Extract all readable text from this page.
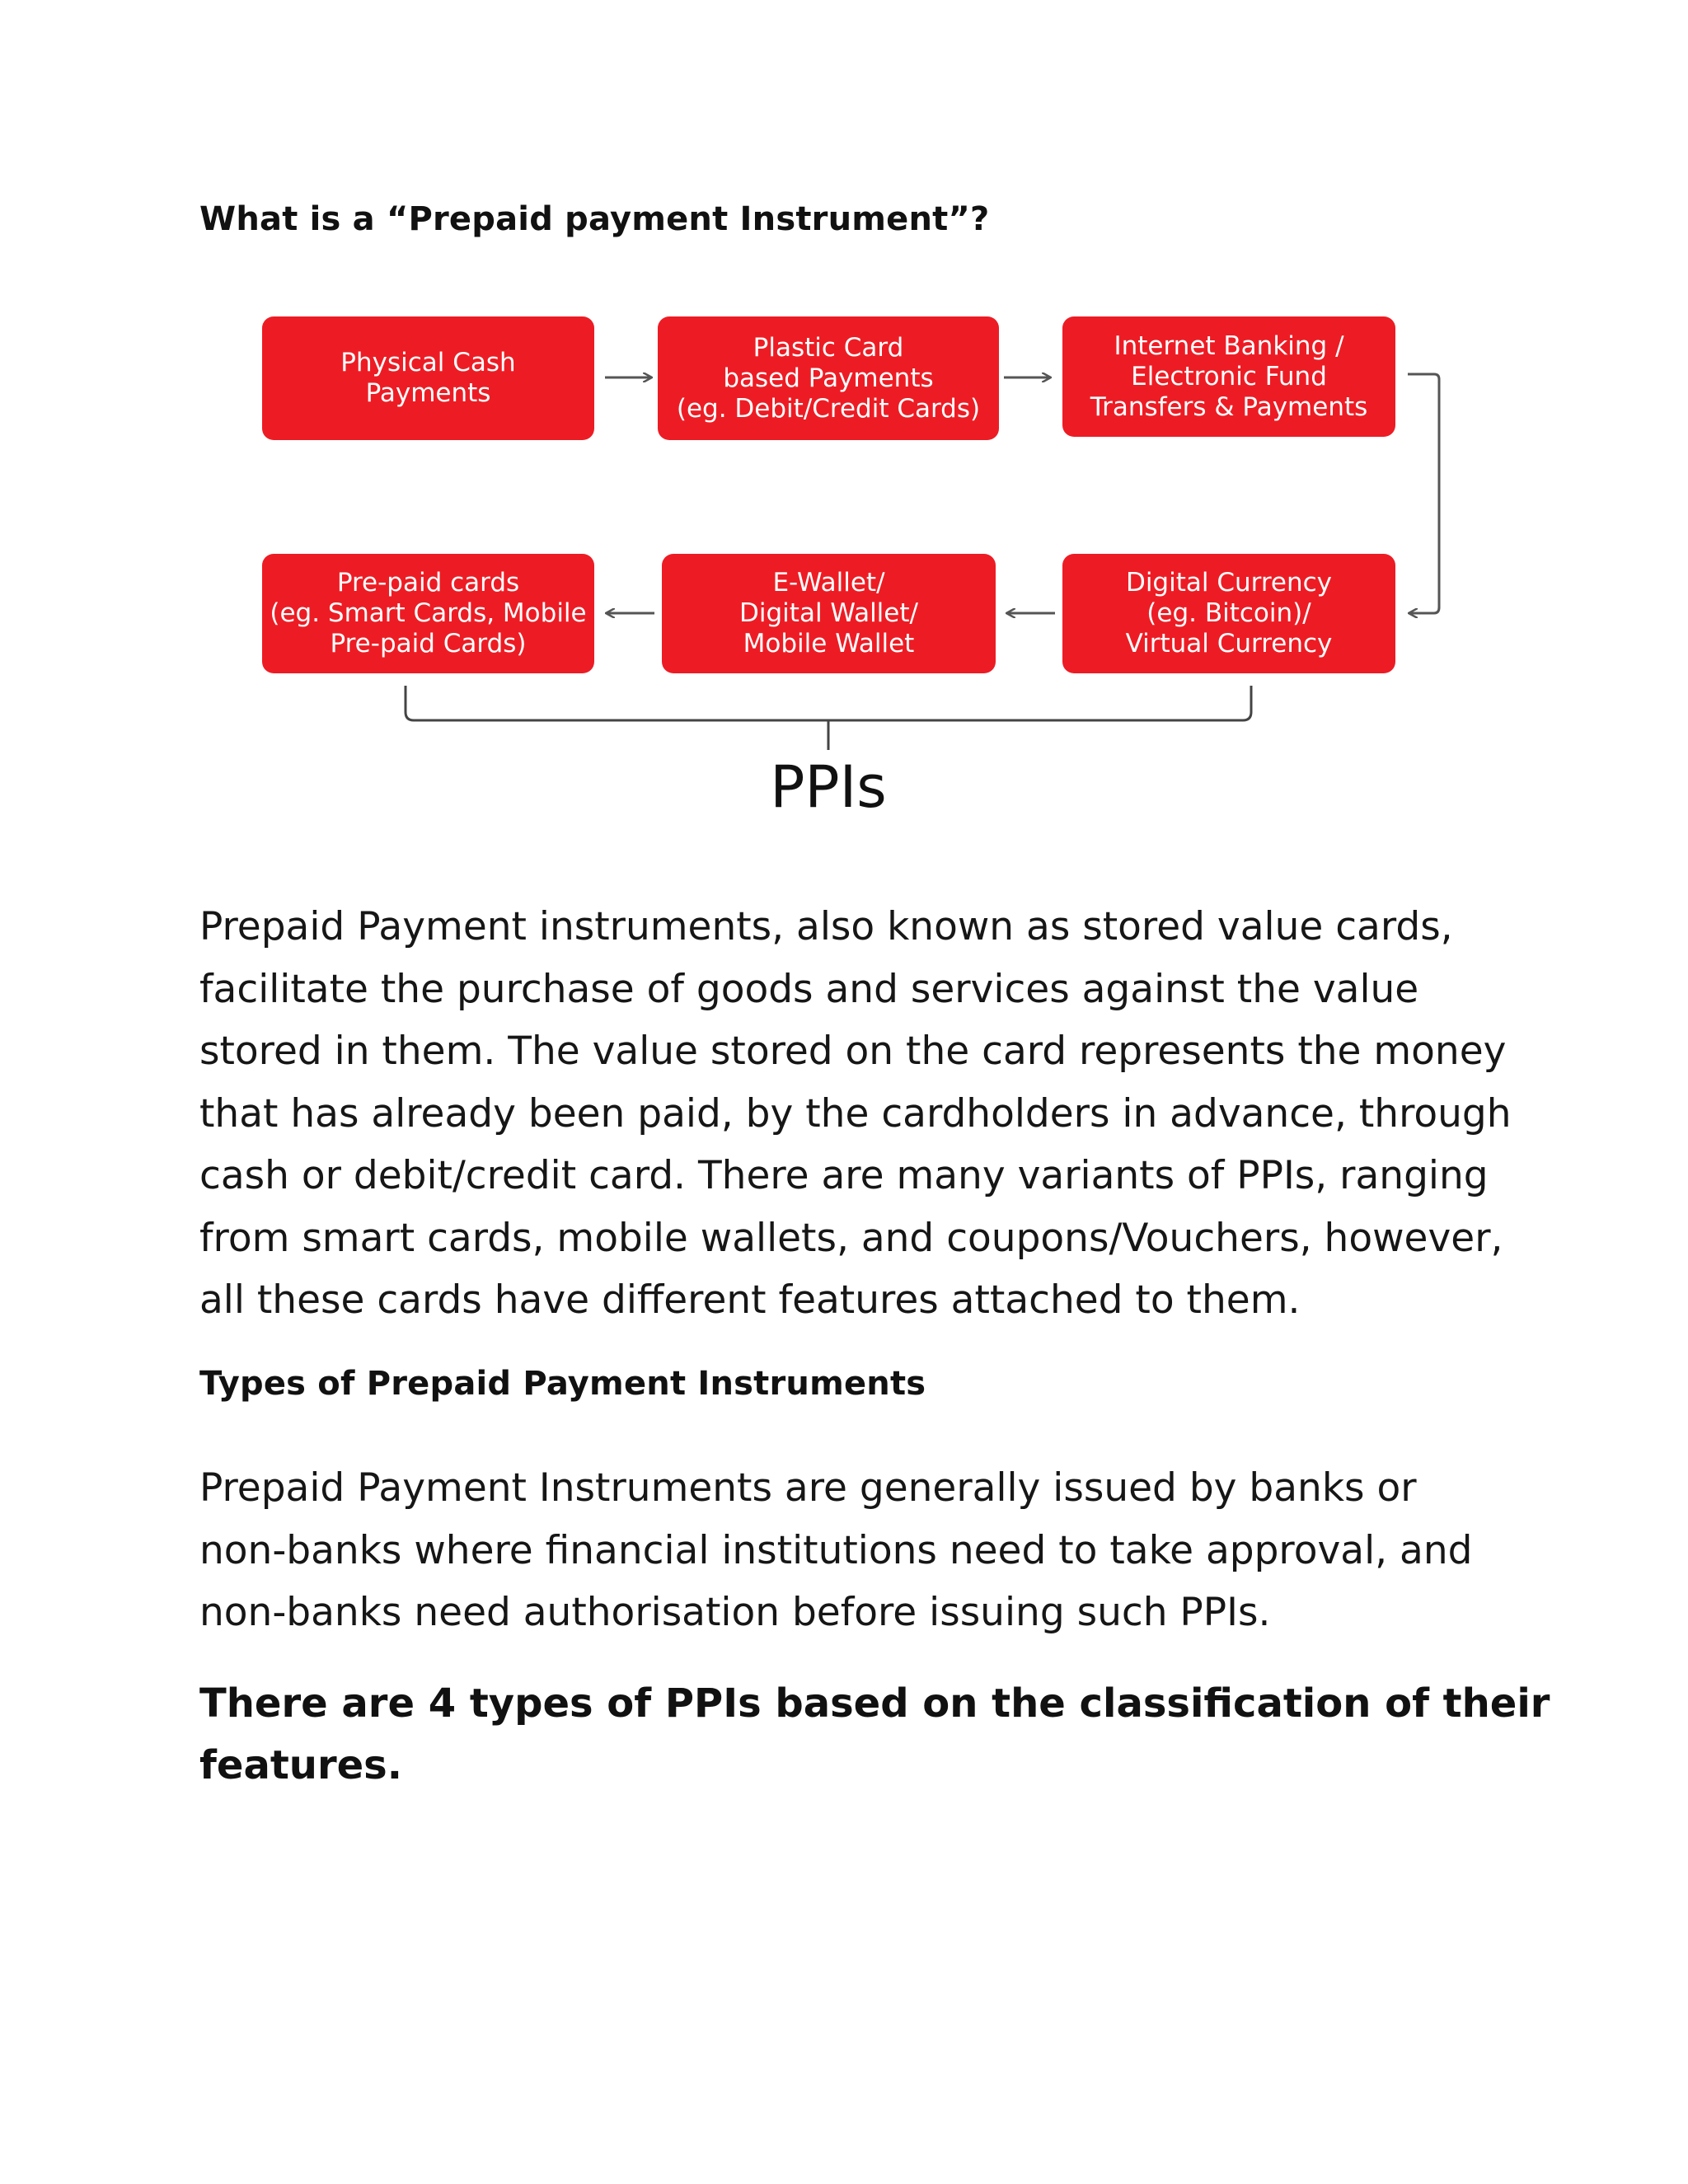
What is a “Prepaid payment Instrument”?
Physical Cash
Payments
Plastic Card
based Payments
(eg. Debit/Credit Cards)
Internet Banking /
Electronic Fund
Transfers & Payments
Digital Currency
(eg. Bitcoin)/
Virtual Currency
E-Wallet/
Digital Wallet/
Mobile Wallet
Pre-paid cards
(eg. Smart Cards, Mobile
Pre-paid Cards)
PPIs

Prepaid Payment instruments, also known as stored value cards,
facilitate the purchase of goods and services against the value
stored in them. The value stored on the card represents the money
that has already been paid, by the cardholders in advance, through
cash or debit/credit card. There are many variants of PPIs, ranging
from smart cards, mobile wallets, and coupons/Vouchers, however,
all these cards have different features attached to them.

Types of Prepaid Payment Instruments

Prepaid Payment Instruments are generally issued by banks or
non-banks where financial institutions need to take approval, and
non-banks need authorisation before issuing such PPIs.

There are 4 types of PPIs based on the classification of their
features.
